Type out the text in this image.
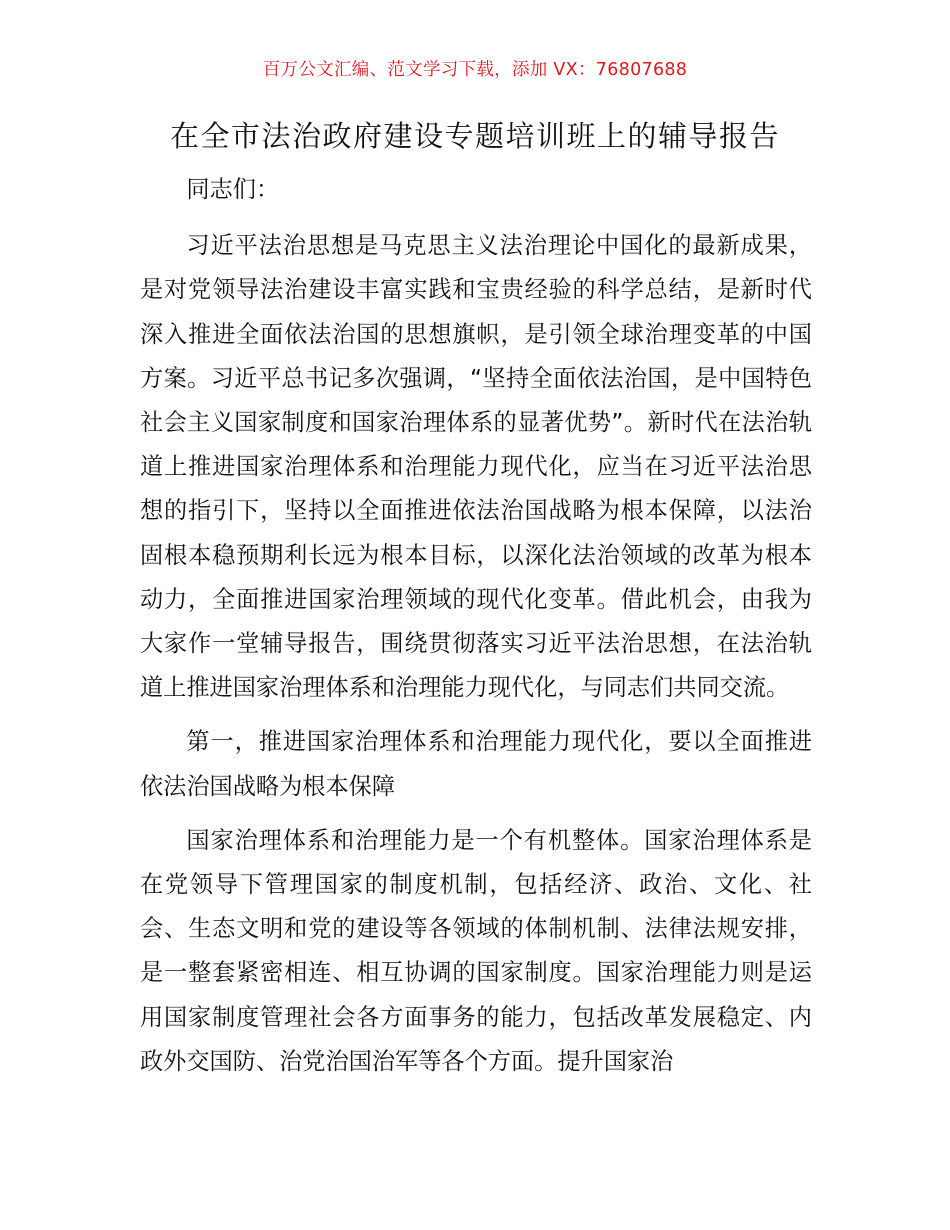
百万公文汇编、范文学习下载，添加 VX：76807688
在全市法治政府建设专题培训班上的辅导报告

同志们：

习近平法治思想是马克思主义法治理论中国化的最新成果，是对党领导法治建设丰富实践和宝贵经验的科学总结，是新时代深入推进全面依法治国的思想旗帜，是引领全球治理变革的中国方案。习近平总书记多次强调，“坚持全面依法治国，是中国特色社会主义国家制度和国家治理体系的显著优势”。新时代在法治轨道上推进国家治理体系和治理能力现代化，应当在习近平法治思想的指引下，坚持以全面推进依法治国战略为根本保障，以法治固根本稳预期利长远为根本目标，以深化法治领域的改革为根本动力，全面推进国家治理领域的现代化变革。借此机会，由我为大家作一堂辅导报告，围绕贯彻落实习近平法治思想，在法治轨道上推进国家治理体系和治理能力现代化，与同志们共同交流。

第一，推进国家治理体系和治理能力现代化，要以全面推进依法治国战略为根本保障

国家治理体系和治理能力是一个有机整体。国家治理体系是在党领导下管理国家的制度机制，包括经济、政治、文化、社会、生态文明和党的建设等各领域的体制机制、法律法规安排，是一整套紧密相连、相互协调的国家制度。国家治理能力则是运用国家制度管理社会各方面事务的能力，包括改革发展稳定、内政外交国防、治党治国治军等各个方面。提升国家治
